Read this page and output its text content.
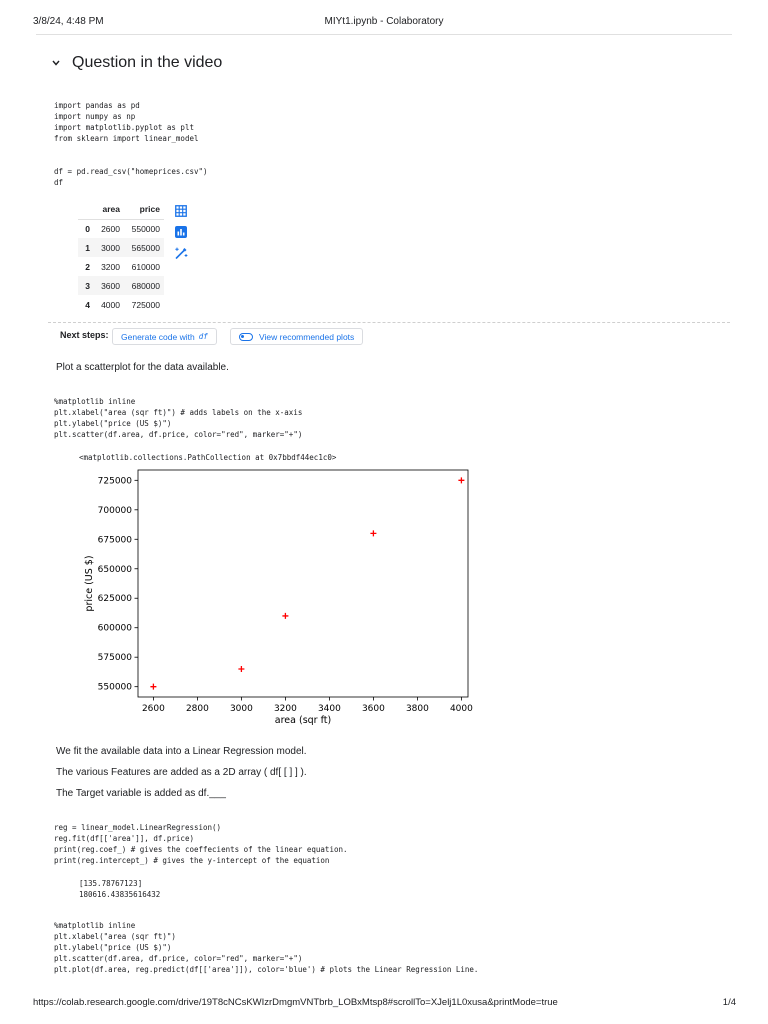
3/8/24, 4:48 PM	MIYt1.ipynb - Colaboratory
Question in the video
import pandas as pd
import numpy as np
import matplotlib.pyplot as plt
from sklearn import linear_model
df = pd.read_csv("homeprices.csv")
df
	area	price
0	2600	550000
1	3000	565000
2	3200	610000
3	3600	680000
4	4000	725000
Next steps: Generate code with df	View recommended plots
Plot a scatterplot for the data available.
%matplotlib inline
plt.xlabel("area (sqr ft)") # adds labels on the x-axis
plt.ylabel("price (US $)")
plt.scatter(df.area, df.price, color="red", marker="+")
<matplotlib.collections.PathCollection at 0x7bbdf44ec1c0>
2600 2800 3000 3200 3400 3600 3800 4000
550000
575000
600000
625000
650000
675000
700000
725000
area (sqr ft)
price (US $)
We fit the available data into a Linear Regression model.
The various Features are added as a 2D array ( df[ [ ] ] ).
The Target variable is added as df.___
reg = linear_model.LinearRegression()
reg.fit(df[['area']], df.price)
print(reg.coef_) # gives the coeffecients of the linear equation.
print(reg.intercept_) # gives the y-intercept of the equation
[135.78767123]
180616.43835616432
%matplotlib inline
plt.xlabel("area (sqr ft)")
plt.ylabel("price (US $)")
plt.scatter(df.area, df.price, color="red", marker="+")
plt.plot(df.area, reg.predict(df[['area']]), color='blue') # plots the Linear Regression Line.
https://colab.research.google.com/drive/19T8cNCsKWIzrDmgmVNTbrb_LOBxMtsp8#scrollTo=XJelj1L0xusa&printMode=true	1/4
